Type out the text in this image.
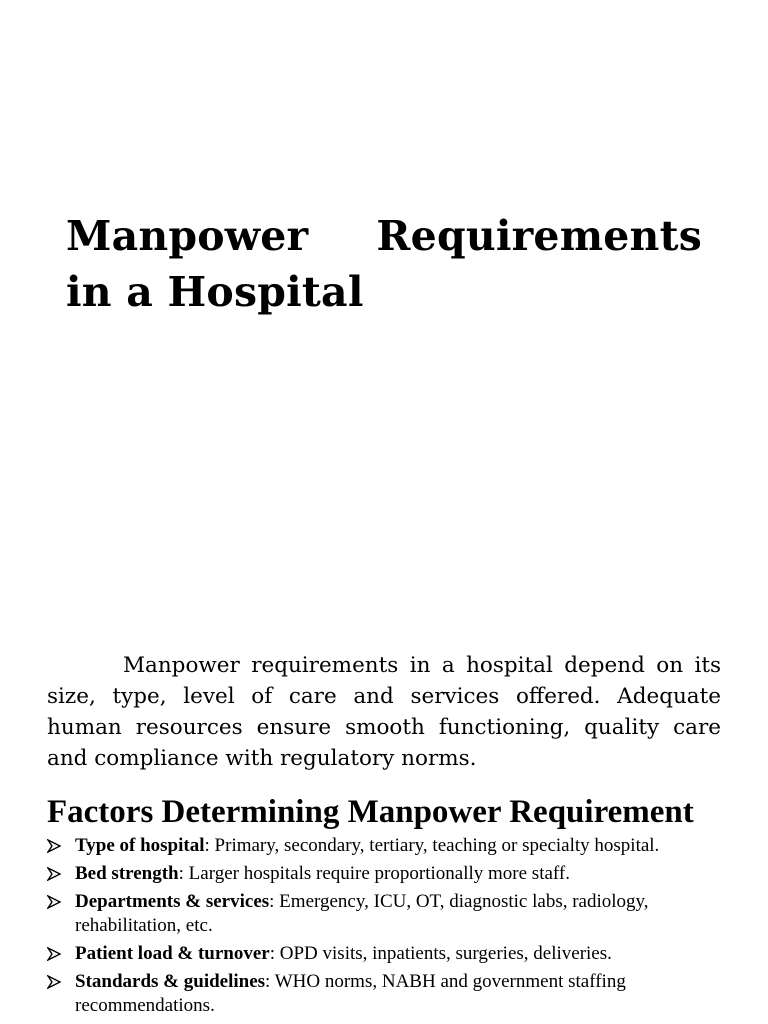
Manpower Requirements in a Hospital

Manpower requirements in a hospital depend on its size, type, level of care and services offered. Adequate human resources ensure smooth functioning, quality care and compliance with regulatory norms.

Factors Determining Manpower Requirement
Type of hospital: Primary, secondary, tertiary, teaching or specialty hospital.
Bed strength: Larger hospitals require proportionally more staff.
Departments & services: Emergency, ICU, OT, diagnostic labs, radiology, rehabilitation, etc.
Patient load & turnover: OPD visits, inpatients, surgeries, deliveries.
Standards & guidelines: WHO norms, NABH and government staffing recommendations.
